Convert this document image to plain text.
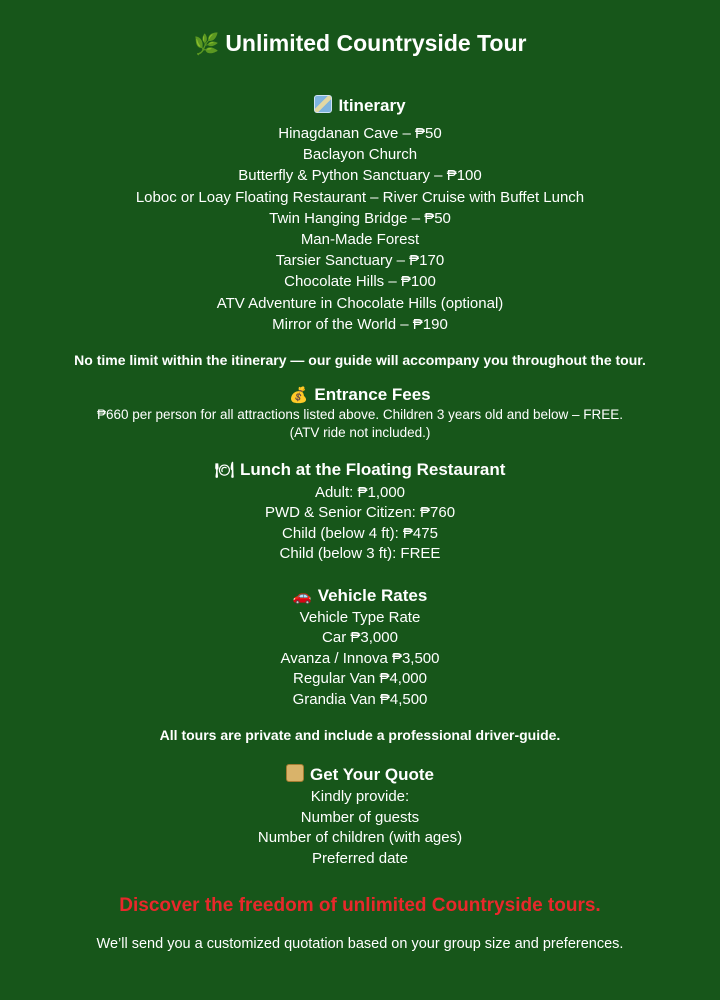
🌿 Unlimited Countryside Tour
Itinerary

Hinagdanan Cave – ₱50

Baclayon Church

Butterfly & Python Sanctuary – ₱100

Loboc or Loay Floating Restaurant – River Cruise with Buffet Lunch

Twin Hanging Bridge – ₱50

Man-Made Forest

Tarsier Sanctuary – ₱170

Chocolate Hills – ₱100

ATV Adventure in Chocolate Hills (optional)

Mirror of the World – ₱190

No time limit within the itinerary — our guide will accompany you throughout the tour.

💰 Entrance Fees

₱660 per person for all attractions listed above. Children 3 years old and below – FREE.

(ATV ride not included.)

🍽 Lunch at the Floating Restaurant

Adult: ₱1,000

PWD & Senior Citizen: ₱760

Child (below 4 ft): ₱475

Child (below 3 ft): FREE

🚗 Vehicle Rates

Vehicle Type Rate

Car ₱3,000

Avanza / Innova ₱3,500

Regular Van ₱4,000

Grandia Van ₱4,500

All tours are private and include a professional driver-guide.

Get Your Quote

Kindly provide:

Number of guests

Number of children (with ages)

Preferred date

Discover the freedom of unlimited Countryside tours.

We’ll send you a customized quotation based on your group size and preferences.
